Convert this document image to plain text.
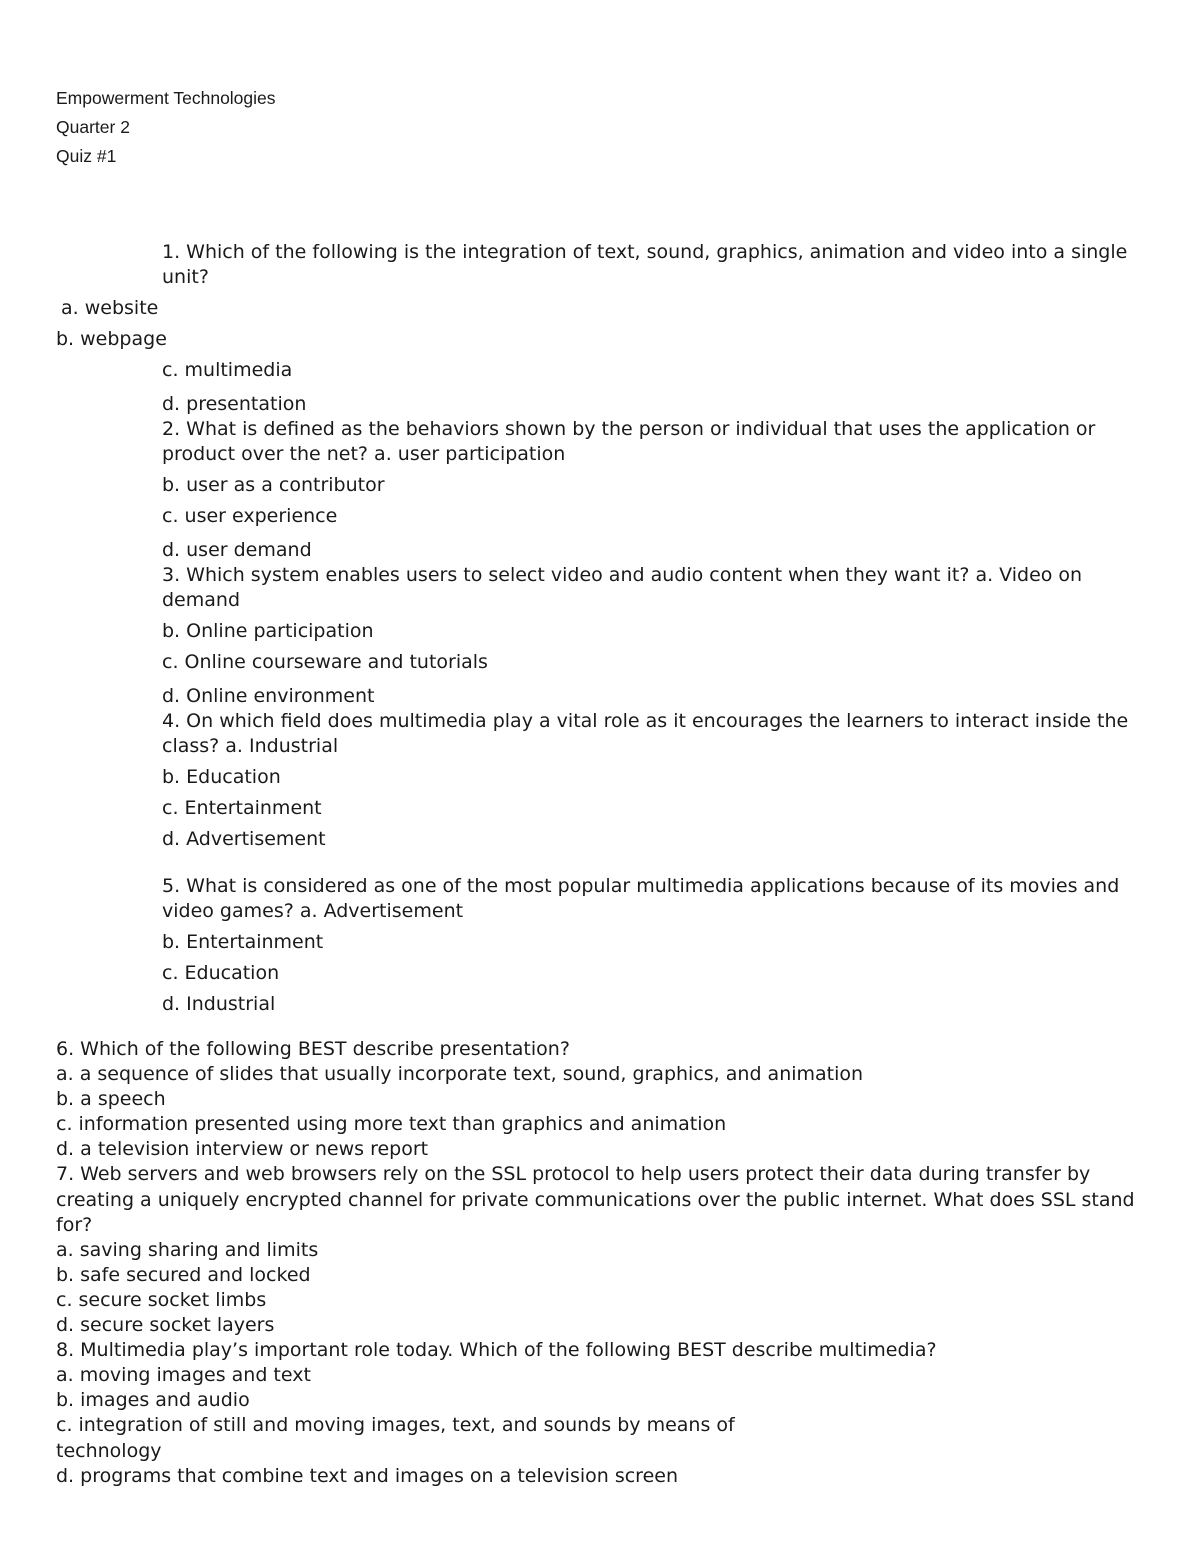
Empowerment Technologies
Quarter 2
Quiz #1
1. Which of the following is the integration of text, sound, graphics, animation and video into a single unit?
a. website
b. webpage
c. multimedia
d. presentation
2. What is defined as the behaviors shown by the person or individual that uses the application or product over the net? a. user participation
b. user as a contributor
c. user experience
d. user demand
3. Which system enables users to select video and audio content when they want it? a. Video on demand
b. Online participation
c. Online courseware and tutorials
d. Online environment
4. On which field does multimedia play a vital role as it encourages the learners to interact inside the class? a. Industrial
b. Education
c. Entertainment
d. Advertisement
5. What is considered as one of the most popular multimedia applications because of its movies and video games? a. Advertisement
b. Entertainment
c. Education
d. Industrial
6. Which of the following BEST describe presentation?
a. a sequence of slides that usually incorporate text, sound, graphics, and animation
b. a speech
c. information presented using more text than graphics and animation
d. a television interview or news report
7. Web servers and web browsers rely on the SSL protocol to help users protect their data during transfer by creating a uniquely encrypted channel for private communications over the public internet. What does SSL stand for?
a. saving sharing and limits
b. safe secured and locked
c. secure socket limbs
d. secure socket layers
8. Multimedia play’s important role today. Which of the following BEST describe multimedia?
a. moving images and text
b. images and audio
c. integration of still and moving images, text, and sounds by means of
technology
d. programs that combine text and images on a television screen
